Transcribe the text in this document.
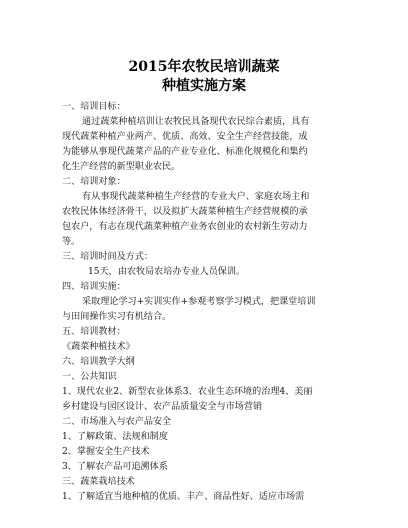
2015年农牧民培训蔬菜
种植实施方案
一、培训目标：
通过蔬菜种植培训让农牧民具备现代农民综合素质，具有
现代蔬菜种植产业两产、优质、高效、安全生产经营技能，成
为能够从事现代蔬菜产品的产业专业化、标准化规模化和集约
化生产经营的新型职业农民。
二、培训对象：
有从事现代蔬菜种植生产经营的专业大户、家庭农场主和
农牧民体体经济骨干，以及拟扩大蔬菜种植生产经营规模的承
包农户，有志在现代蔬菜种植产业务农创业的农村新生劳动力
等。
三、培训时间及方式：
15天，由农牧局农培办专业人员保训。
四、培训实施：
采取理论学习+实训实作+参观考察学习模式，把课堂培训
与田间操作实习有机结合。
五、培训教材：
《蔬菜种植技术》
六、培训教学大纲
一、公共知识
1、现代农业2、新型农业体系3、农业生态环境的治理4、美丽
乡村建设与园区设计、农产品质量安全与市场营销
二、市场准入与农产品安全
1、了解政策、法规和制度
2、掌握安全生产技术
3、了解农产品可追溯体系
三、蔬菜栽培技术
1、了解适宜当地种植的优质、丰产、商品性好、适应市场需
